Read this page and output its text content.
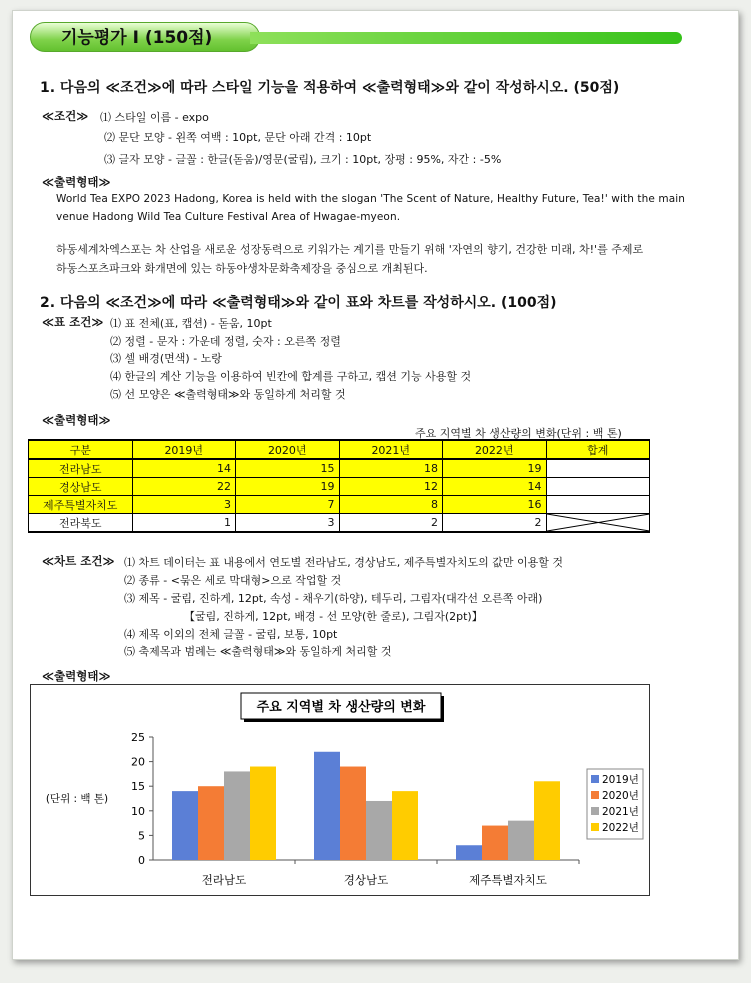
기능평가 Ⅰ (150점)
1. 다음의 ≪조건≫에 따라 스타일 기능을 적용하여 ≪출력형태≫와 같이 작성하시오. (50점)
≪조건≫ ⑴ 스타일 이름 - expo
⑵ 문단 모양 - 왼쪽 여백 : 10pt, 문단 아래 간격 : 10pt
⑶ 글자 모양 - 글꼴 : 한글(돋움)/영문(굴림), 크기 : 10pt, 장평 : 95%, 자간 : -5%
≪출력형태≫
World Tea EXPO 2023 Hadong, Korea is held with the slogan 'The Scent of Nature, Healthy Future, Tea!' with the main venue Hadong Wild Tea Culture Festival Area of Hwagae-myeon.
하동세계차엑스포는 차 산업을 새로운 성장동력으로 키워가는 계기를 만들기 위해 '자연의 향기, 건강한 미래, 차!'를 주제로
하동스포츠파크와 화개면에 있는 하동야생차문화축제장을 중심으로 개최된다.
2. 다음의 ≪조건≫에 따라 ≪출력형태≫와 같이 표와 차트를 작성하시오. (100점)
≪표 조건≫ ⑴ 표 전체(표, 캡션) - 돋움, 10pt
⑵ 정렬 - 문자 : 가운데 정렬, 숫자 : 오른쪽 정렬
⑶ 셀 배경(면색) - 노랑
⑷ 한글의 계산 기능을 이용하여 빈칸에 합계를 구하고, 캡션 기능 사용할 것
⑸ 선 모양은 ≪출력형태≫와 동일하게 처리할 것
≪출력형태≫
주요 지역별 차 생산량의 변화(단위 : 백 톤)
구분	2019년	2020년	2021년	2022년	합계
전라남도	14	15	18	19	
경상남도	22	19	12	14	
제주특별자치도	3	7	8	16	
전라북도	1	3	2	2	
≪차트 조건≫ ⑴ 차트 데이터는 표 내용에서 연도별 전라남도, 경상남도, 제주특별자치도의 값만 이용할 것
⑵ 종류 - <묶은 세로 막대형>으로 작업할 것
⑶ 제목 - 굴림, 진하게, 12pt, 속성 - 채우기(하양), 테두리, 그림자(대각선 오른쪽 아래)
【굴림, 진하게, 12pt, 배경 - 선 모양(한 줄로), 그림자(2pt)】
⑷ 제목 이외의 전체 글꼴 - 굴림, 보통, 10pt
⑸ 축제목과 범례는 ≪출력형태≫와 동일하게 처리할 것
≪출력형태≫
주요 지역별 차 생산량의 변화
0
5
10
15
20
25
(단위 : 백 톤)
전라남도	경상남도	제주특별자치도
2019년
2020년
2021년
2022년
